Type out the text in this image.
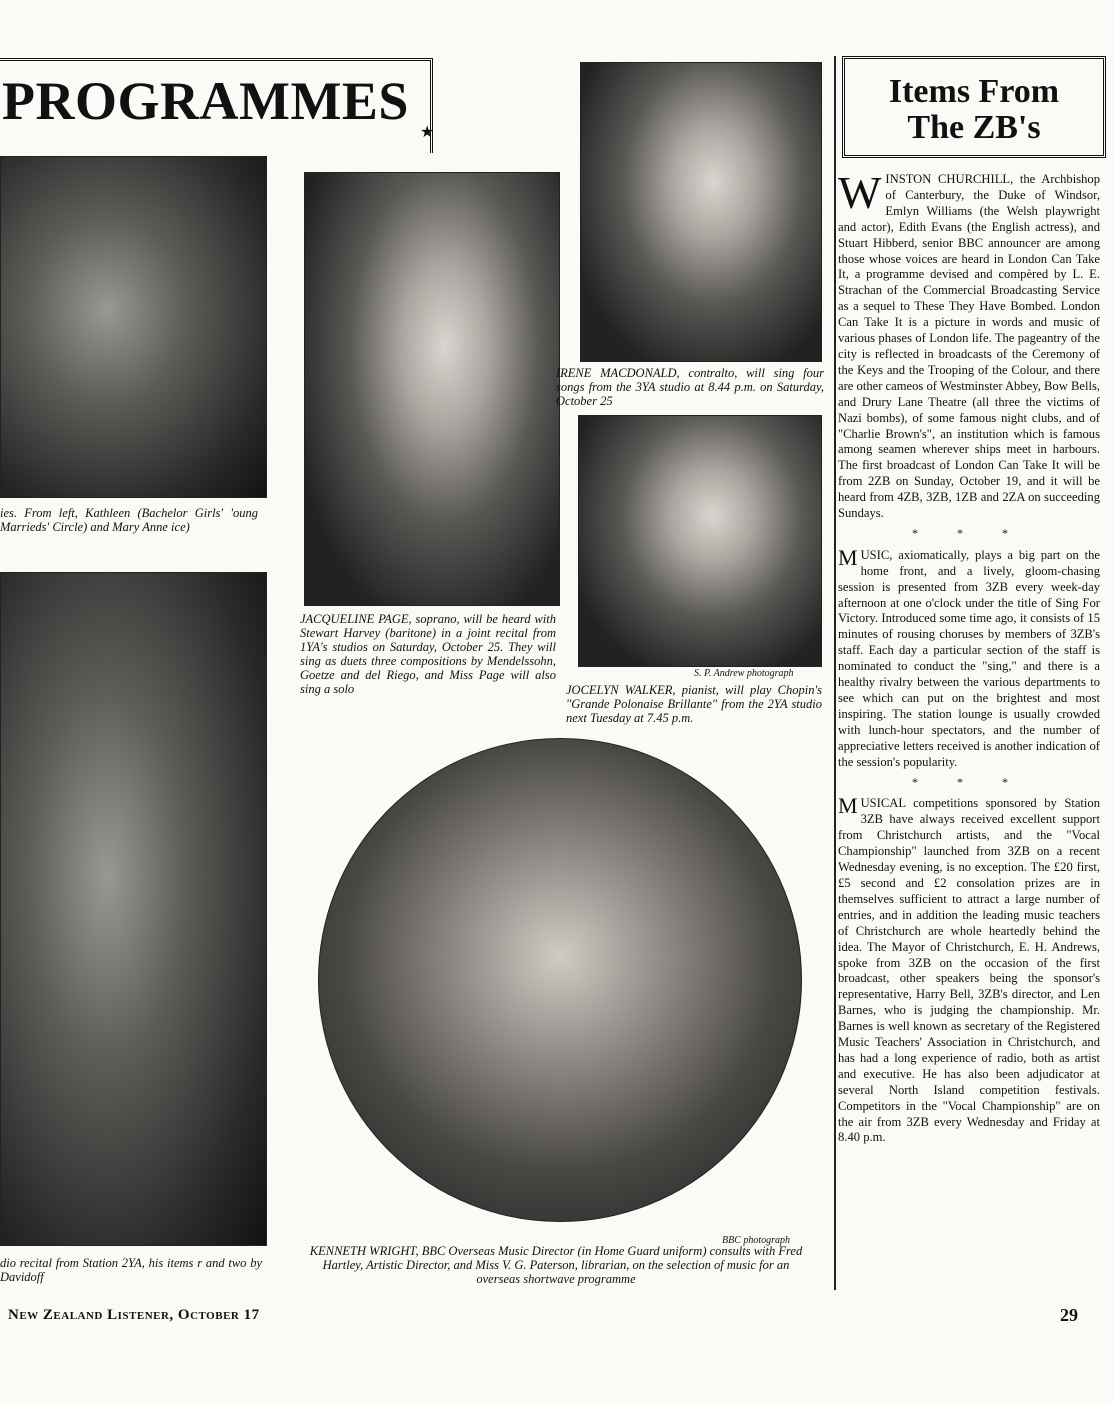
PROGRAMMES
★
ies. From left, Kathleen (Bachelor Girls' 'oung Marrieds' Circle) and Mary Anne ice)
JACQUELINE PAGE, soprano, will be heard with Stewart Harvey (baritone) in a joint recital from 1YA's studios on Saturday, October 25. They will sing as duets three compositions by Mendelssohn, Goetze and del Riego, and Miss Page will also sing a solo
IRENE MACDONALD, contralto, will sing four songs from the 3YA studio at 8.44 p.m. on Saturday, October 25
S. P. Andrew photograph
JOCELYN WALKER, pianist, will play Chopin's "Grande Polonaise Brillante" from the 2YA studio next Tuesday at 7.45 p.m.
dio recital from Station 2YA, his items r and two by Davidoff
BBC photograph
KENNETH WRIGHT, BBC Overseas Music Director (in Home Guard uniform) consults with Fred Hartley, Artistic Director, and Miss V. G. Paterson, librarian, on the selection of music for an overseas shortwave programme
Items From
The ZB's

WINSTON CHURCHILL, the Archbishop of Canterbury, the Duke of Windsor, Emlyn Williams (the Welsh playwright and actor), Edith Evans (the English actress), and Stuart Hibberd, senior BBC announcer are among those whose voices are heard in London Can Take It, a programme devised and compèred by L. E. Strachan of the Commercial Broadcasting Service as a sequel to These They Have Bombed. London Can Take It is a picture in words and music of various phases of London life. The pageantry of the city is reflected in broadcasts of the Ceremony of the Keys and the Trooping of the Colour, and there are other cameos of Westminster Abbey, Bow Bells, and Drury Lane Theatre (all three the victims of Nazi bombs), of some famous night clubs, and of "Charlie Brown's", an institution which is famous among seamen wherever ships meet in harbours. The first broadcast of London Can Take It will be from 2ZB on Sunday, October 19, and it will be heard from 4ZB, 3ZB, 1ZB and 2ZA on succeeding Sundays.

* * *

MUSIC, axiomatically, plays a big part on the home front, and a lively, gloom-chasing session is presented from 3ZB every week-day afternoon at one o'clock under the title of Sing For Victory. Introduced some time ago, it consists of 15 minutes of rousing choruses by members of 3ZB's staff. Each day a particular section of the staff is nominated to conduct the "sing," and there is a healthy rivalry between the various departments to see which can put on the brightest and most inspiring. The station lounge is usually crowded with lunch-hour spectators, and the number of appreciative letters received is another indication of the session's popularity.

* * *

MUSICAL competitions sponsored by Station 3ZB have always received excellent support from Christchurch artists, and the "Vocal Championship" launched from 3ZB on a recent Wednesday evening, is no exception. The £20 first, £5 second and £2 consolation prizes are in themselves sufficient to attract a large number of entries, and in addition the leading music teachers of Christchurch are whole heartedly behind the idea. The Mayor of Christchurch, E. H. Andrews, spoke from 3ZB on the occasion of the first broadcast, other speakers being the sponsor's representative, Harry Bell, 3ZB's director, and Len Barnes, who is judging the championship. Mr. Barnes is well known as secretary of the Registered Music Teachers' Association in Christchurch, and has had a long experience of radio, both as artist and executive. He has also been adjudicator at several North Island competition festivals. Competitors in the "Vocal Championship" are on the air from 3ZB every Wednesday and Friday at 8.40 p.m.

New Zealand Listener, October 17	29
